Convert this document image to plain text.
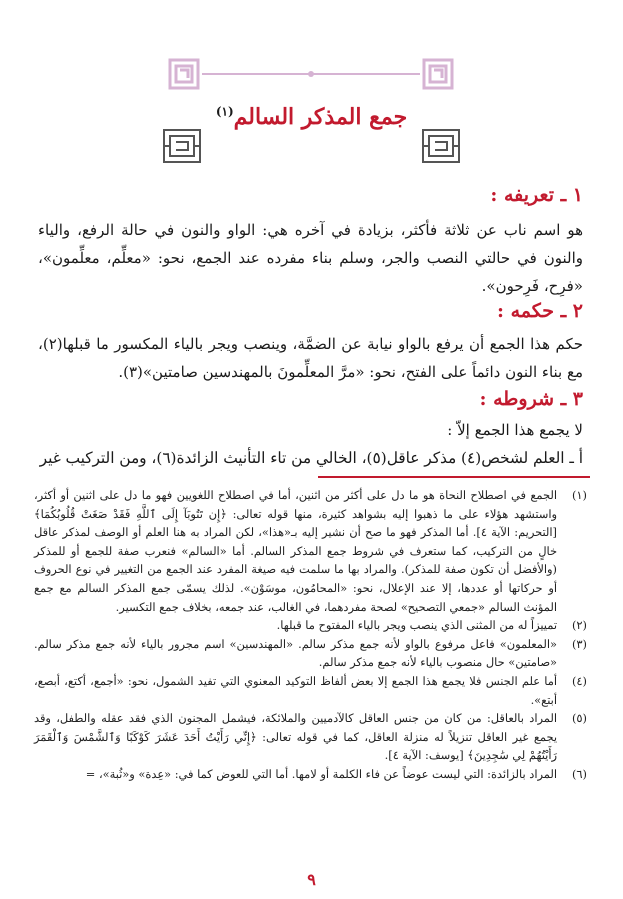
جمع المذكر السالم$^{(١)}$
١ ـ تعريفه :
هو اسم ناب عن ثلاثة فأكثر، بزيادة في آخره هي: الواو والنون في حالة الرفع، والياء والنون في حالتي النصب والجر، وسلم بناء مفرده عند الجمع، نحو: «معلِّم، معلِّمون»، «فرِح، فَرِحون».
٢ ـ حكمه :
حكم هذا الجمع أن يرفع بالواو نيابة عن الضمَّة، وينصب ويجر بالياء المكسور ما قبلها(٢)، مع بناء النون دائماً على الفتح، نحو: «مرَّ المعلِّمونَ بالمهندسين صامتين»(٣).
٣ ـ شروطه :
لا يجمع هذا الجمع إلاّ :
أ ـ العلم لشخص(٤) مذكر عاقل(٥)، الخالي من تاء التأنيث الزائدة(٦)، ومن التركيب غير
(١)
الجمع في اصطلاح النحاة هو ما دل على أكثر من اثنين، أما في اصطلاح اللغويين فهو ما دل على اثنين أو أكثر، واستشهد هؤلاء على ما ذهبوا إليه بشواهد كثيرة، منها قوله تعالى: ﴿إِن تَتُوبَآ إِلَى ٱللَّهِ فَقَدْ صَغَتْ قُلُوبُكُمَا﴾ [التحريم: الآية ٤]. أما المذكر فهو ما صح أن نشير إليه بـ«هذا»، لكن المراد به هنا العلم أو الوصف لمذكر عاقل خالٍ من التركيب، كما ستعرف في شروط جمع المذكر السالم. أما «السالم» فنعرب صفة للجمع أو للمذكر (والأفضل أن تكون صفة للمذكر). والمراد بها ما سلمت فيه صيغة المفرد عند الجمع من التغيير في نوع الحروف أو حركاتها أو عددها، إلا عند الإعلال، نحو: «المحامُون، موسَوْن». لذلك يسمّى جمع المذكر السالم مع جمع المؤنث السالم «جمعي التصحيح» لصحة مفردهما، في الغالب، عند جمعه، بخلاف جمع التكسير.
(٢)
تمييزاً له من المثنى الذي ينصب ويجر بالياء المفتوح ما قبلها.
(٣)
«المعلمون» فاعل مرفوع بالواو لأنه جمع مذكر سالم. «المهندسين» اسم مجرور بالياء لأنه جمع مذكر سالم. «صامتين» حال منصوب بالياء لأنه جمع مذكر سالم.
(٤)
أما علم الجنس فلا يجمع هذا الجمع إلا بعض ألفاظ التوكيد المعنوي التي تفيد الشمول، نحو: «أجمع، أكتع، أبصع، أبتع».
(٥)
المراد بالعاقل: من كان من جنس العاقل كالآدميين والملائكة، فيشمل المجنون الذي فقد عقله والطفل، وقد يجمع غير العاقل تنزيلاً له منزلة العاقل، كما في قوله تعالى: ﴿إِنِّي رَأَيْتُ أَحَدَ عَشَرَ كَوْكَبًا وَٱلشَّمْسَ وَٱلْقَمَرَ رَأَيْتُهُمْ لِي سَٰجِدِينَ﴾ [يوسف: الآية ٤].
(٦)
المراد بالزائدة: التي ليست عوضاً عن فاء الكلمة أو لامها. أما التي للعوض كما في: «عِدة» و«ثُبة»، =
٩
